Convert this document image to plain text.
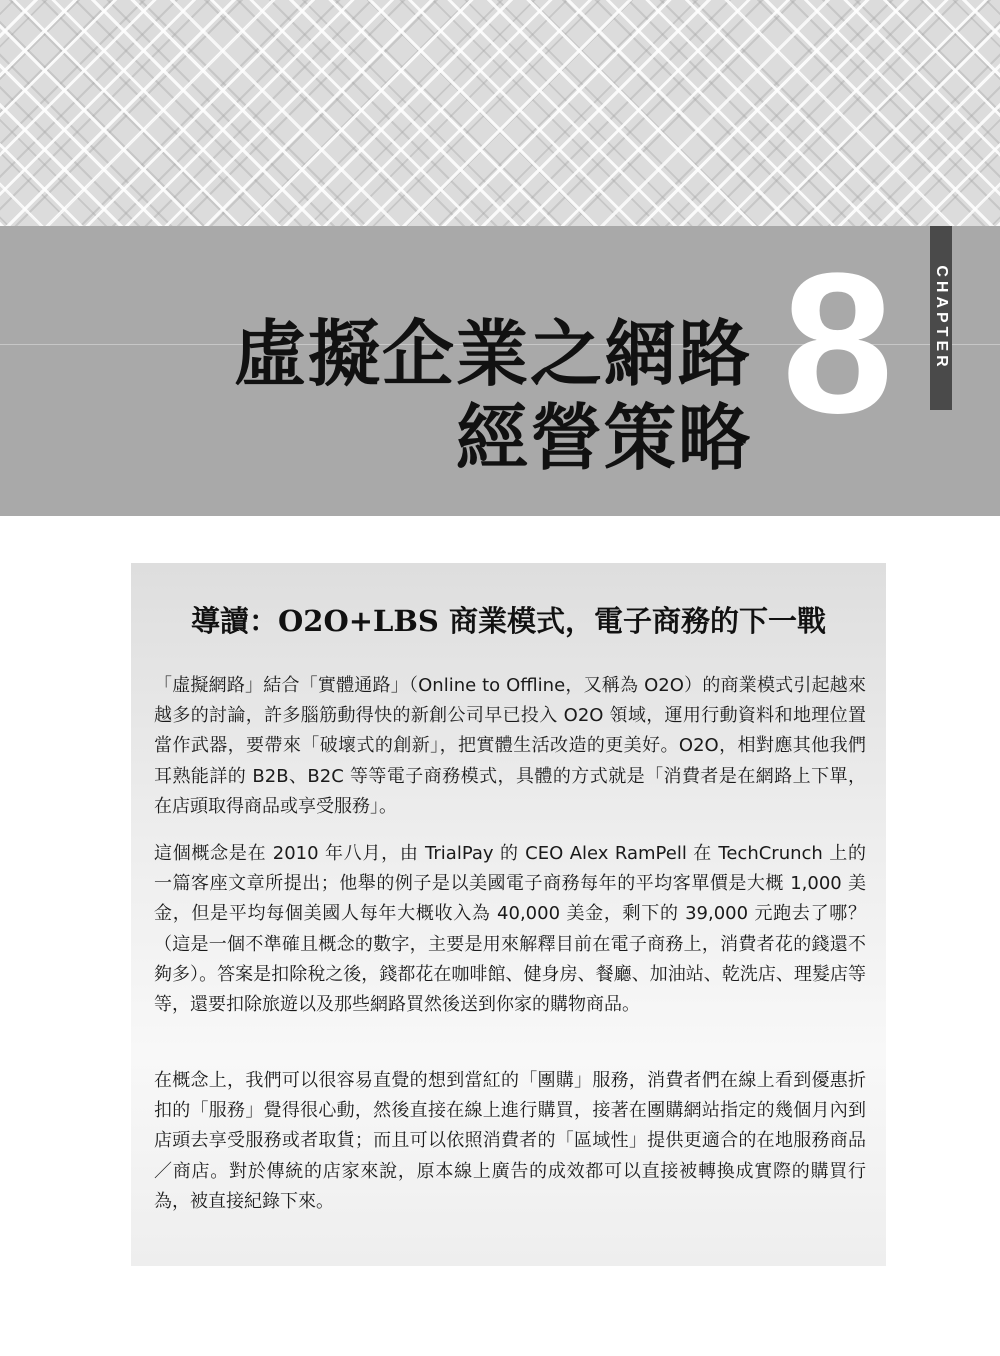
虛擬企業之網路
經營策略 8 CHAPTER
導讀：O2O+LBS 商業模式，電子商務的下一戰
「虛擬網路」結合「實體通路」（Online to Offline，又稱為 O2O）的商業模式引起越來越多的討論，許多腦筋動得快的新創公司早已投入 O2O 領域，運用行動資料和地理位置當作武器，要帶來「破壞式的創新」，把實體生活改造的更美好。O2O，相對應其他我們耳熟能詳的 B2B、B2C 等等電子商務模式，具體的方式就是「消費者是在網路上下單，在店頭取得商品或享受服務」。
這個概念是在 2010 年八月，由 TrialPay 的 CEO Alex RamPell 在 TechCrunch 上的一篇客座文章所提出；他舉的例子是以美國電子商務每年的平均客單價是大概 1,000 美金，但是平均每個美國人每年大概收入為 40,000 美金，剩下的 39,000 元跑去了哪？（這是一個不準確且概念的數字，主要是用來解釋目前在電子商務上，消費者花的錢還不夠多）。答案是扣除稅之後，錢都花在咖啡館、健身房、餐廳、加油站、乾洗店、理髮店等等，還要扣除旅遊以及那些網路買然後送到你家的購物商品。
在概念上，我們可以很容易直覺的想到當紅的「團購」服務，消費者們在線上看到優惠折扣的「服務」覺得很心動，然後直接在線上進行購買，接著在團購網站指定的幾個月內到店頭去享受服務或者取貨；而且可以依照消費者的「區域性」提供更適合的在地服務商品／商店。對於傳統的店家來說，原本線上廣告的成效都可以直接被轉換成實際的購買行為，被直接紀錄下來。
